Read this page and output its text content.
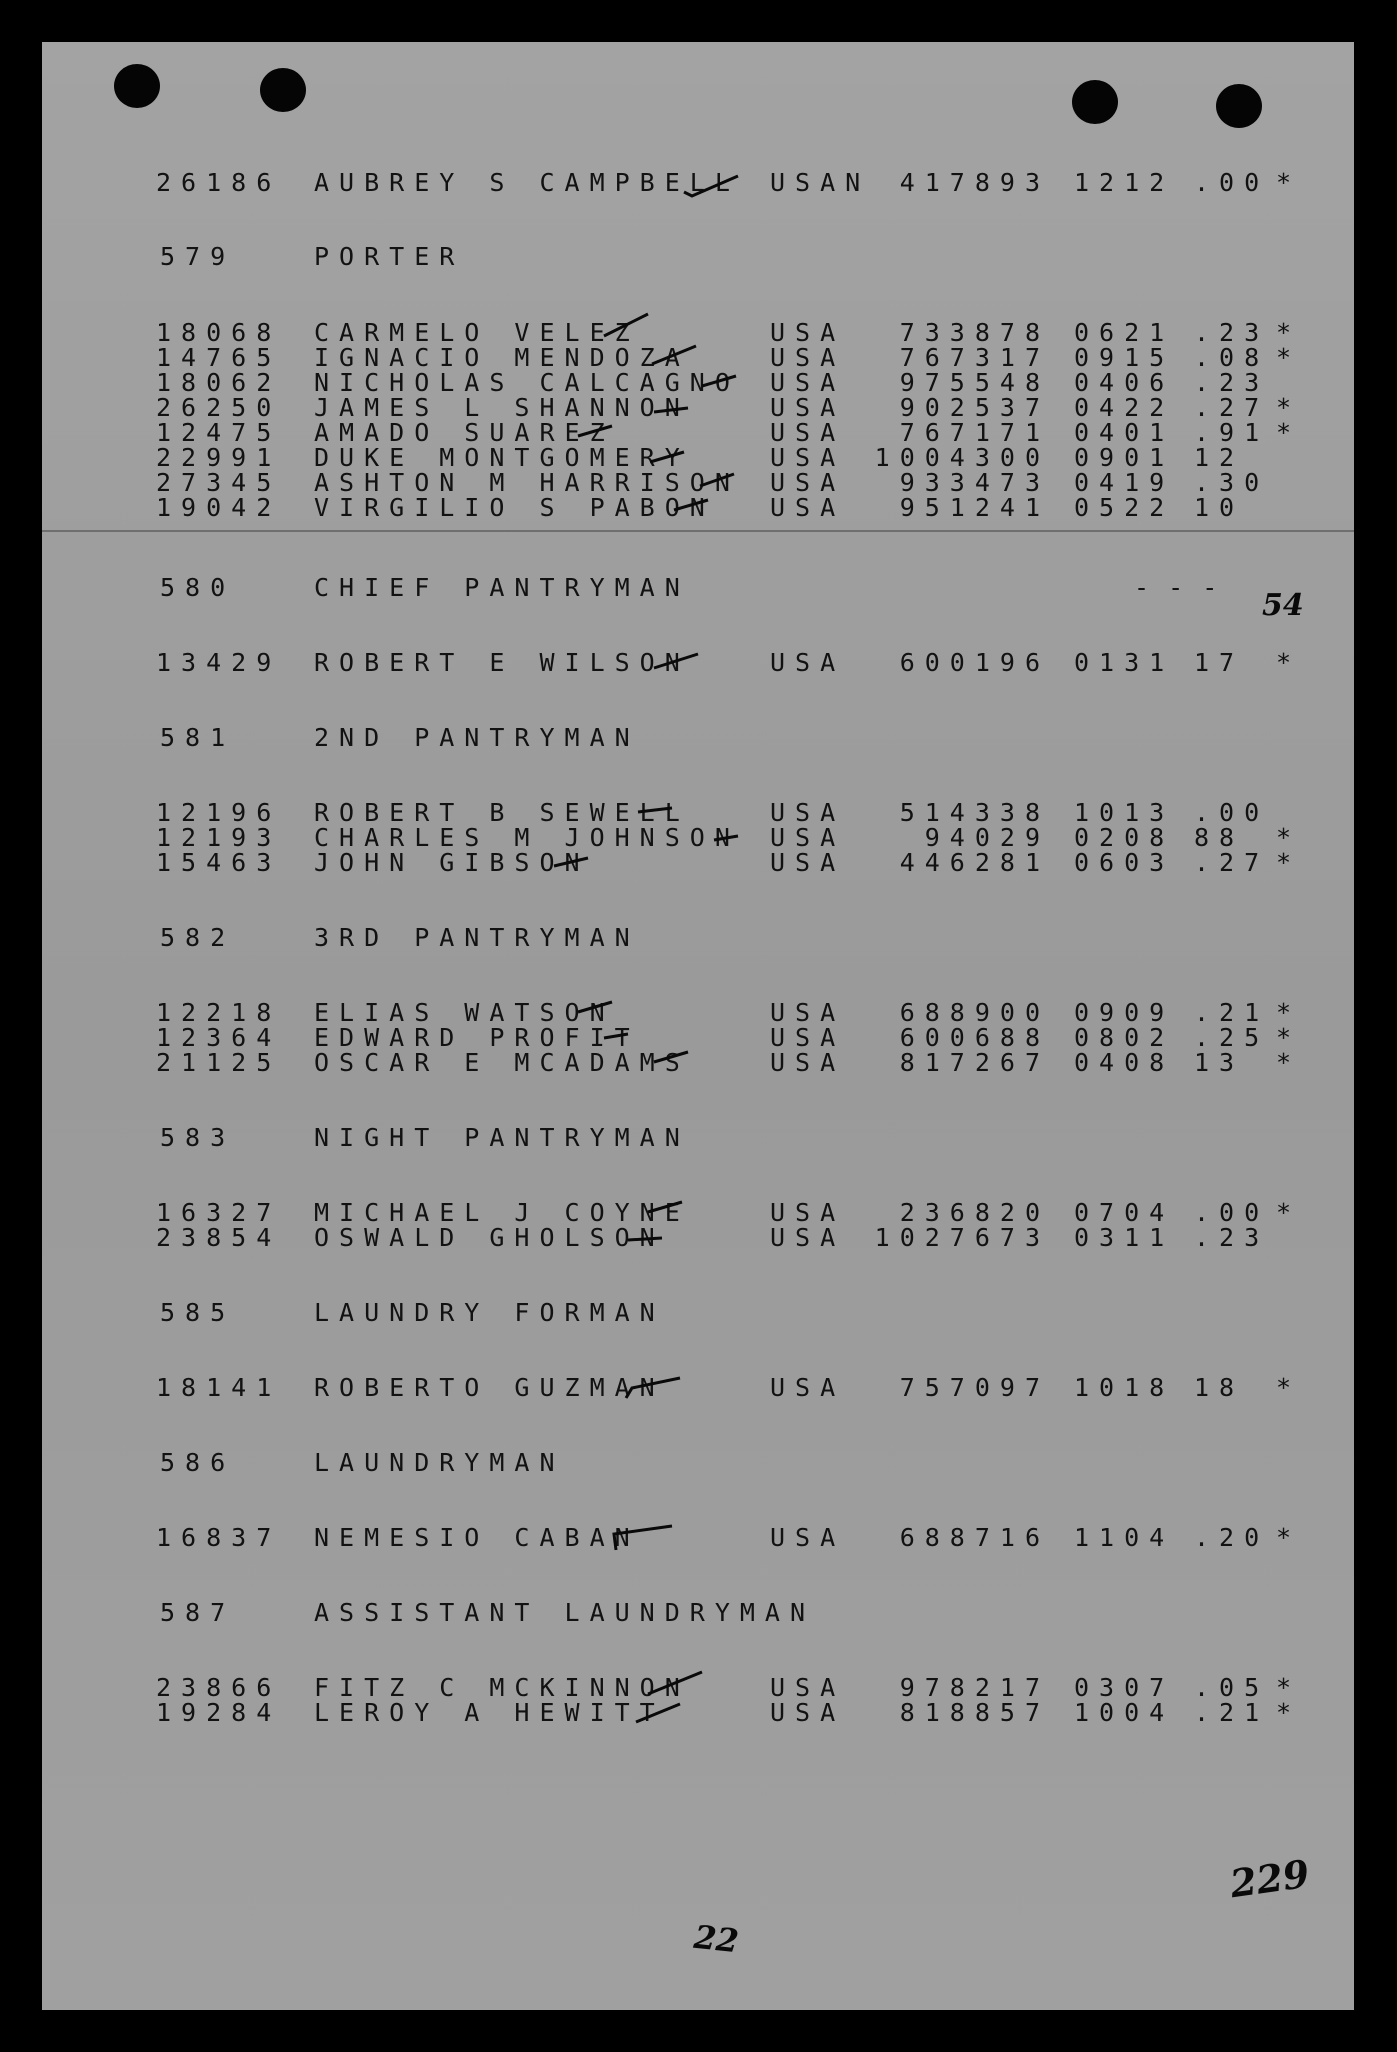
26186 AUBREY S CAMPBELL USAN	417893 1212 .00 *
579	PORTER
18068 CARMELO VELEZ	USA	733878 0621 .23 *
14765 IGNACIO MENDOZA	USA	767317 0915 .08 *
18062 NICHOLAS CALCAGNO USA	975548 0406 .23
26250 JAMES L SHANNON	USA	902537 0422 .27 *
12475 AMADO SUAREZ	USA	767171 0401 .91 *
22991 DUKE MONTGOMERY	USA	1004300 0901 12
27345 ASHTON M HARRISON USA	933473 0419 .30
19042 VIRGILIO S PABON USA	951241 0522 10
580	CHIEF PANTRYMAN	- - -
13429 ROBERT E WILSON	USA	600196 0131 17 *
581	2ND PANTRYMAN
12196 ROBERT B SEWELL	USA	514338 1013 .00
12193 CHARLES M JOHNSON USA	94029 0208 88 *
15463 JOHN GIBSON	USA	446281 0603 .27 *
582	3RD PANTRYMAN
12218 ELIAS WATSON	USA	688900 0909 .21 *
12364 EDWARD PROFIT	USA	600688 0802 .25 *
21125 OSCAR E MCADAMS	USA	817267 0408 13 *
583	NIGHT PANTRYMAN
16327 MICHAEL J COYNE	USA	236820 0704 .00 *
23854 OSWALD GHOLSON	USA	1027673 0311 .23
585	LAUNDRY FORMAN
18141 ROBERTO GUZMAN	USA	757097 1018 18 *
586	LAUNDRYMAN
16837 NEMESIO CABAN	USA	688716 1104 .20 *
587	ASSISTANT LAUNDRYMAN
23866 FITZ C MCKINNON	USA	978217 0307 .05 *
19284 LEROY A HEWITT	USA	818857 1004 .21 *
54
229
22
